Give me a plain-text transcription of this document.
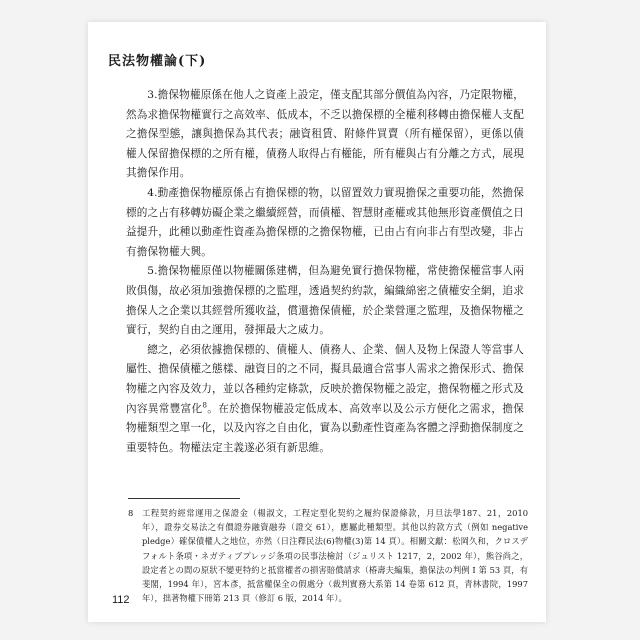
民法物權論(下)

3.擔保物權原係在他人之資產上設定，僅支配其部分價值為內容，乃定限物權，然為求擔保物權實行之高效率、低成本，不乏以擔保標的全權利移轉由擔保權人支配之擔保型態，讓與擔保為其代表；融資租賃、附條件買賣（所有權保留），更係以債權人保留擔保標的之所有權，債務人取得占有權能，所有權與占有分離之方式，展現其擔保作用。

4.動產擔保物權原係占有擔保標的物，以留置效力實現擔保之重要功能，然擔保標的之占有移轉妨礙企業之繼續經營，而債權、智慧財產權或其他無形資產價值之日益提升，此種以動產性資產為擔保標的之擔保物權，已由占有向非占有型改變，非占有擔保物權大興。

5.擔保物權原僅以物權關係建構，但為避免實行擔保物權，常使擔保權當事人兩敗俱傷，故必須加強擔保標的之監理，透過契約約款，編織綿密之債權安全網，追求擔保人之企業以其經營所獲收益，償還擔保債權，於企業營運之監理，及擔保物權之實行，契約自由之運用，發揮最大之威力。

總之，必須依據擔保標的、債權人、債務人、企業、個人及物上保證人等當事人屬性、擔保債權之態樣、融資目的之不同，擬具最適合當事人需求之擔保形式、擔保物權之內容及效力，並以各種約定條款，反映於擔保物權之設定，擔保物權之形式及內容異常豐富化$^8$。在於擔保物權設定低成本、高效率以及公示方便化之需求，擔保物權類型之單一化，以及內容之自由化，實為以動產性資產為客體之浮動擔保制度之重要特色。物權法定主義遂必須有新思維。

8	工程契約經常運用之保證金（楊淑文，工程定型化契約之履約保證條款，月旦法學187、21，2010 年），證券交易法之有價證券融資融券（證交 61），應屬此種類型。其他以約款方式（例如 negative pledge）確保債權人之地位，亦然（日注釋民法(6)物權(3)第 14 頁）。相關文獻：松岡久和，クロスデフォルト条項・ネガティブプレッジ条項の民事法檢討（ジュリスト 1217，2，2002 年），熊谷尚之，設定者との間の原狀不變更特約と抵當權者の損害賠償請求（椿壽夫編集，擔保法の判例 I 第 53 頁，有斐閣，1994 年），宮本彥，抵當權保全の假處分（裁判實務大系第 14 卷第 612 頁，青林書院，1997 年），拙著物權下冊第 213 頁（修訂 6 版，2014 年）。
112
